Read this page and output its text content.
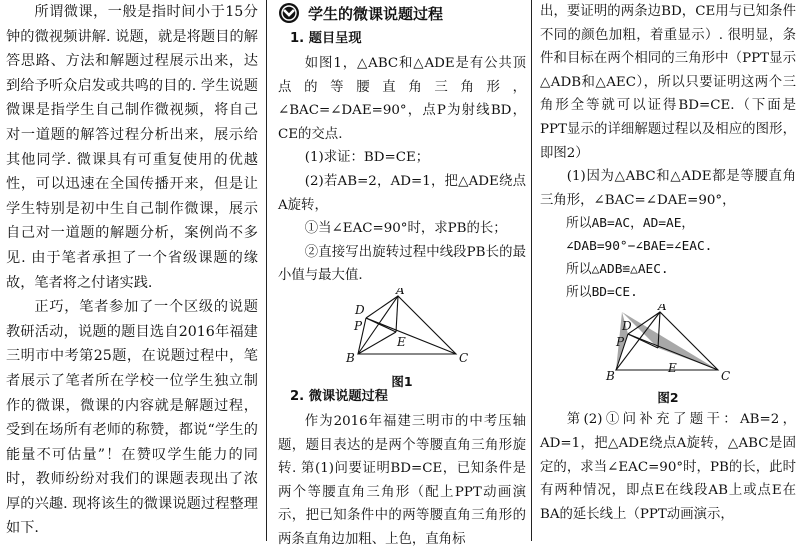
所谓微课，一般是指时间小于15分钟的微视频讲解. 说题，就是将题目的解答思路、方法和解题过程展示出来，达到给予听众启发或共鸣的目的. 学生说题微课是指学生自己制作微视频，将自己对一道题的解答过程分析出来，展示给其他同学. 微课具有可重复使用的优越性，可以迅速在全国传播开来，但是让学生特别是初中生自己制作微课，展示自己对一道题的解题分析，案例尚不多见. 由于笔者承担了一个省级课题的缘故，笔者将之付诸实践.

正巧，笔者参加了一个区级的说题教研活动，说题的题目选自2016年福建三明市中考第25题，在说题过程中，笔者展示了笔者所在学校一位学生独立制作的微课，微课的内容就是解题过程，受到在场所有老师的称赞，都说“学生的能量不可估量”！在赞叹学生能力的同时，教师纷纷对我们的课题表现出了浓厚的兴趣. 现将该生的微课说题过程整理如下.

学生的微课说题过程
1. 题目呈现

如图1，△ABC和△ADE是有公共顶点的等腰直角三角形，∠BAC=∠DAE=90°，点P为射线BD，CE的交点.

(1)求证：BD=CE；

(2)若AB=2，AD=1，把△ADE绕点A旋转，

①当∠EAC=90°时，求PB的长；

②直接写出旋转过程中线段PB长的最小值与最大值.

A
B	C
D
E
P
图1
2. 微课说题过程

作为2016年福建三明市的中考压轴题，题目表达的是两个等腰直角三角形旋转. 第(1)问要证明BD=CE，已知条件是两个等腰直角三角形（配上PPT动画演示，把已知条件中的两等腰直角三角形的两条直角边加粗、上色，直角标

出，要证明的两条边BD，CE用与已知条件不同的颜色加粗，着重显示）. 很明显，条件和目标在两个相同的三角形中（PPT显示△ADB和△AEC），所以只要证明这两个三角形全等就可以证得BD=CE.（下面是PPT显示的详细解题过程以及相应的图形，即图2）

(1)因为△ABC和△ADE都是等腰直角三角形，∠BAC=∠DAE=90°，

所以AB=AC，AD=AE，

∠DAB=90°−∠BAE=∠EAC.

所以△ADB≌△AEC.

所以BD=CE.

A
B	C
D
E
P
图2

第(2)①问补充了题干：AB=2，AD=1，把△ADE绕点A旋转，△ABC是固定的，求当∠EAC=90°时，PB的长，此时有两种情况，即点E在线段AB上或点E在BA的延长线上（PPT动画演示，
